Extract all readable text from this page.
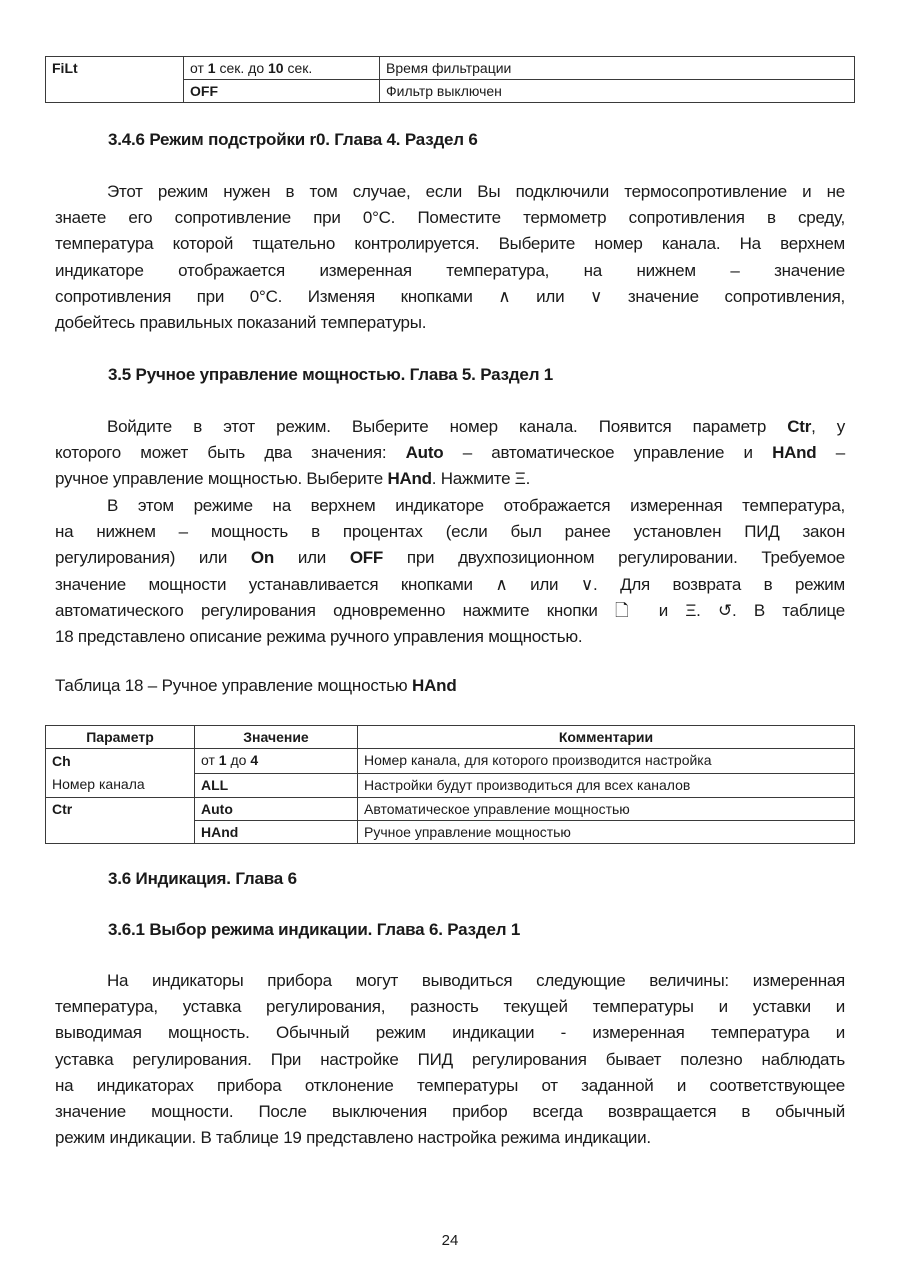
FiLt	от 1 сек. до 10 сек.	Время фильтрации
	OFF	Фильтр выключен
3.4.6 Режим подстройки r0. Глава 4. Раздел 6
Этот режим нужен в том случае, если Вы подключили термосопротивление и не
знаете его сопротивление при 0°С. Поместите термометр сопротивления в среду,
температура которой тщательно контролируется. Выберите номер канала. На верхнем
индикаторе отображается измеренная температура, на нижнем – значение
сопротивления при 0°С. Изменяя кнопками ∧ или ∨ значение сопротивления,
добейтесь правильных показаний температуры.
3.5 Ручное управление мощностью. Глава 5. Раздел 1
Войдите в этот режим. Выберите номер канала. Появится параметр Ctr, у
которого может быть два значения: Auto – автоматическое управление и HAnd –
ручное управление мощностью. Выберите HAnd. Нажмите Ξ.
В этом режиме на верхнем индикаторе отображается измеренная температура,
на нижнем – мощность в процентах (если был ранее установлен ПИД закон
регулирования) или On или OFF при двухпозиционном регулировании. Требуемое
значение мощности устанавливается кнопками ∧ или ∨. Для возврата в режим
автоматического регулирования одновременно нажмите кнопки 🗋 и Ξ. ↺. В таблице
18 представлено описание режима ручного управления мощностью.
Таблица 18 – Ручное управление мощностью HAnd
Параметр	Значение	Комментарии
Ch
Номер канала	от 1 до 4	Номер канала, для которого производится настройка
	ALL	Настройки будут производиться для всех каналов
Ctr	Auto	Автоматическое управление мощностью
	HAnd	Ручное управление мощностью
3.6 Индикация. Глава 6
3.6.1 Выбор режима индикации. Глава 6. Раздел 1
На индикаторы прибора могут выводиться следующие величины: измеренная
температура, уставка регулирования, разность текущей температуры и уставки и
выводимая мощность. Обычный режим индикации - измеренная температура и
уставка регулирования. При настройке ПИД регулирования бывает полезно наблюдать
на индикаторах прибора отклонение температуры от заданной и соответствующее
значение мощности. После выключения прибор всегда возвращается в обычный
режим индикации. В таблице 19 представлено настройка режима индикации.
24
